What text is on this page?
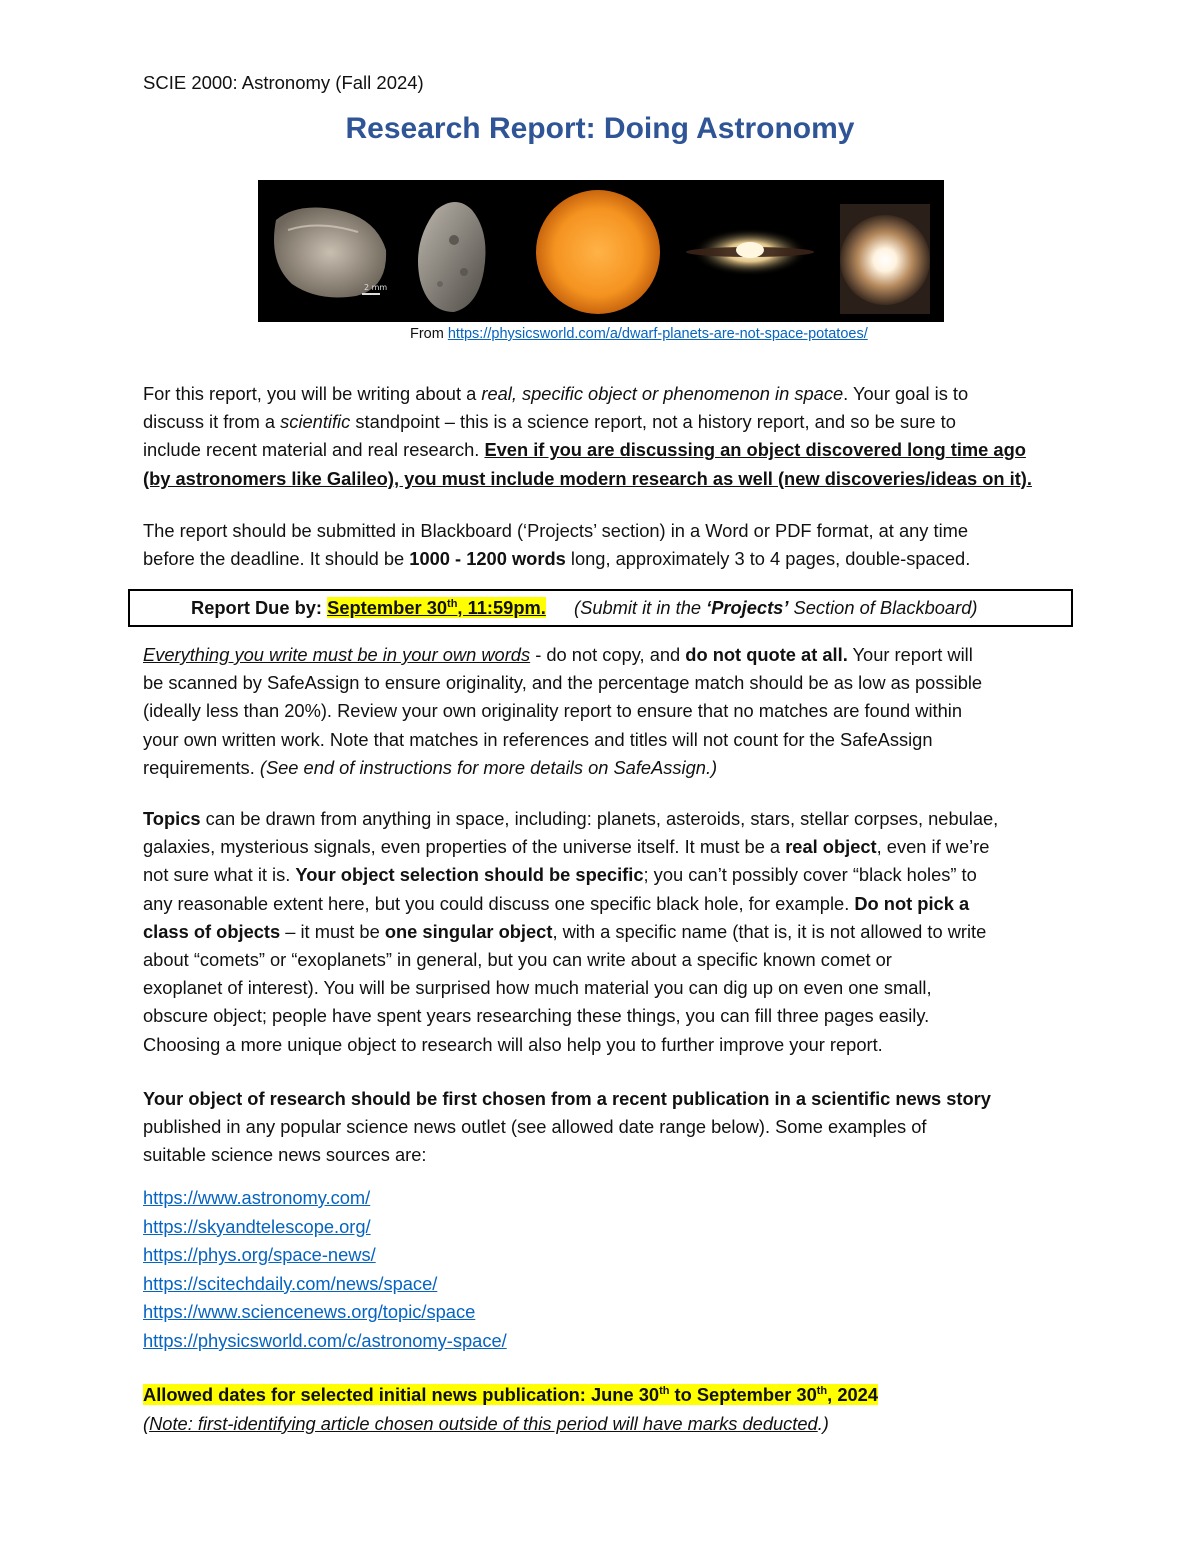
SCIE 2000: Astronomy (Fall 2024)
Research Report: Doing Astronomy
2 mm
From https://physicsworld.com/a/dwarf-planets-are-not-space-potatoes/
For this report, you will be writing about a real, specific object or phenomenon in space. Your goal is to
discuss it from a scientific standpoint – this is a science report, not a history report, and so be sure to
include recent material and real research. Even if you are discussing an object discovered long time ago
(by astronomers like Galileo), you must include modern research as well (new discoveries/ideas on it).
The report should be submitted in Blackboard (‘Projects’ section) in a Word or PDF format, at any time
before the deadline. It should be 1000 - 1200 words long, approximately 3 to 4 pages, double-spaced.
Report Due by: September 30th, 11:59pm. (Submit it in the ‘Projects’ Section of Blackboard)
Everything you write must be in your own words - do not copy, and do not quote at all. Your report will
be scanned by SafeAssign to ensure originality, and the percentage match should be as low as possible
(ideally less than 20%). Review your own originality report to ensure that no matches are found within
your own written work. Note that matches in references and titles will not count for the SafeAssign
requirements. (See end of instructions for more details on SafeAssign.)
Topics can be drawn from anything in space, including: planets, asteroids, stars, stellar corpses, nebulae,
galaxies, mysterious signals, even properties of the universe itself. It must be a real object, even if we’re
not sure what it is. Your object selection should be specific; you can’t possibly cover “black holes” to
any reasonable extent here, but you could discuss one specific black hole, for example. Do not pick a
class of objects – it must be one singular object, with a specific name (that is, it is not allowed to write
about “comets” or “exoplanets” in general, but you can write about a specific known comet or
exoplanet of interest). You will be surprised how much material you can dig up on even one small,
obscure object; people have spent years researching these things, you can fill three pages easily.
Choosing a more unique object to research will also help you to further improve your report.
Your object of research should be first chosen from a recent publication in a scientific news story
published in any popular science news outlet (see allowed date range below). Some examples of
suitable science news sources are:
https://www.astronomy.com/
https://skyandtelescope.org/
https://phys.org/space-news/
https://scitechdaily.com/news/space/
https://www.sciencenews.org/topic/space
https://physicsworld.com/c/astronomy-space/
Allowed dates for selected initial news publication: June 30th to September 30th, 2024
(Note: first-identifying article chosen outside of this period will have marks deducted.)
